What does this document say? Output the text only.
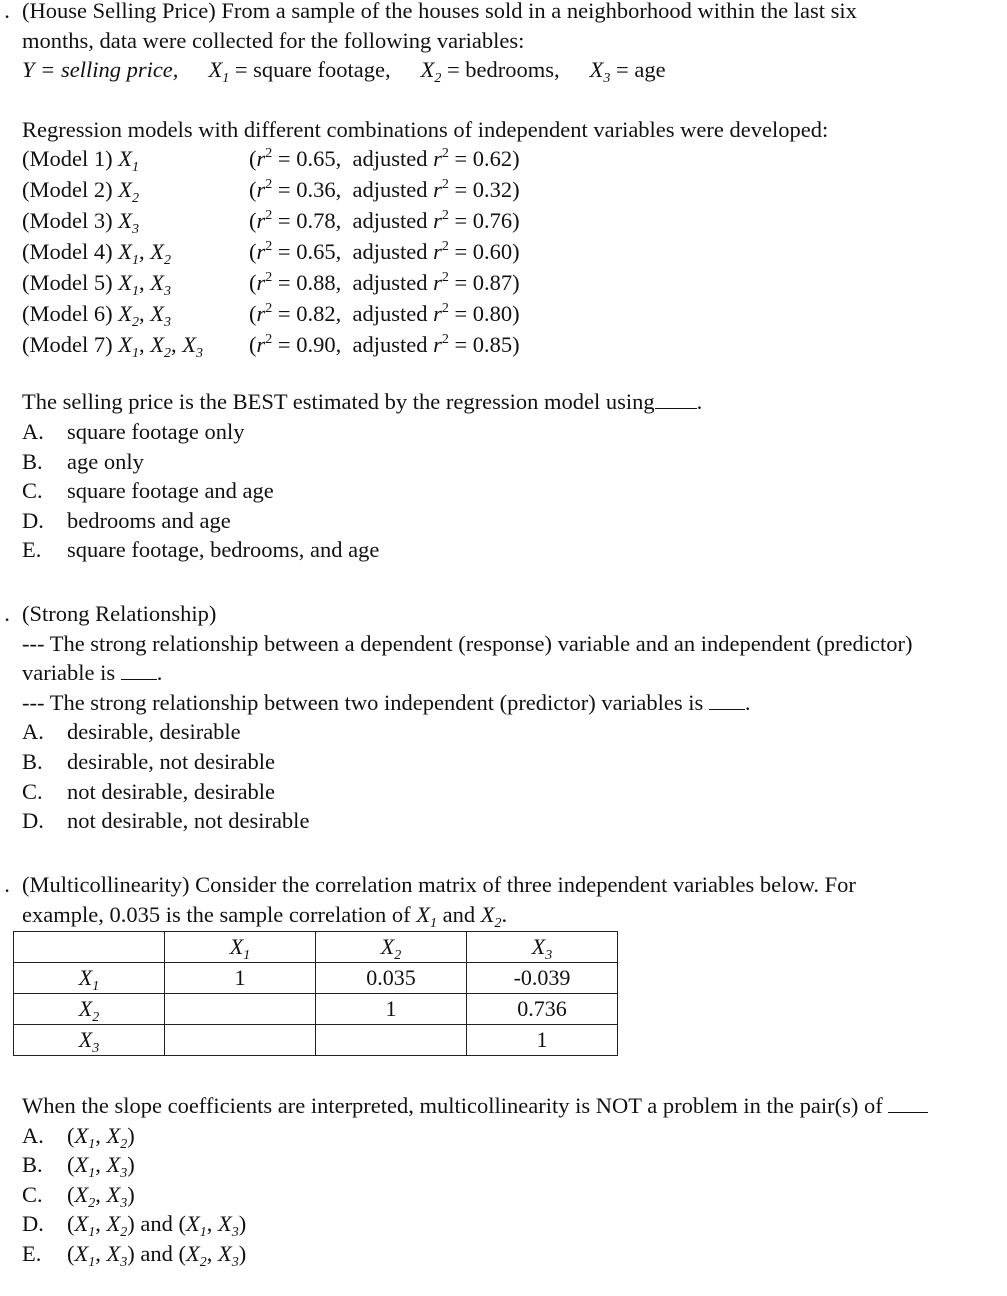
. (House Selling Price) From a sample of the houses sold in a neighborhood within the last six
months, data were collected for the following variables:
Y = selling price, $X_1$ = square footage, $X_2$ = bedrooms, $X_3$ = age
Regression models with different combinations of independent variables were developed:
(Model 1) $X_1$	($r^2 = 0.65$,  adjusted $r^2 = 0.62$)
(Model 2) $X_2$	($r^2 = 0.36$,  adjusted $r^2 = 0.32$)
(Model 3) $X_3$	($r^2 = 0.78$,  adjusted $r^2 = 0.76$)
(Model 4) $X_1$, $X_2$	($r^2 = 0.65$,  adjusted $r^2 = 0.60$)
(Model 5) $X_1$, $X_3$	($r^2 = 0.88$,  adjusted $r^2 = 0.87$)
(Model 6) $X_2$, $X_3$	($r^2 = 0.82$,  adjusted $r^2 = 0.80$)
(Model 7) $X_1$, $X_2$, $X_3$ ($r^2 = 0.90$,  adjusted $r^2 = 0.85$)
The selling price is the BEST estimated by the regression model using .
A. square footage only
B. age only
C. square footage and age
D. bedrooms and age
E. square footage, bedrooms, and age
. (Strong Relationship)
--- The strong relationship between a dependent (response) variable and an independent (predictor)
variable is .
--- The strong relationship between two independent (predictor) variables is .
A. desirable, desirable
B. desirable, not desirable
C. not desirable, desirable
D. not desirable, not desirable
. (Multicollinearity) Consider the correlation matrix of three independent variables below. For
example, 0.035 is the sample correlation of $X_1$ and $X_2$.
	$X_1$	$X_2$	$X_3$
$X_1$	1	0.035	-0.039
$X_2$		1	0.736
$X_3$			1
When the slope coefficients are interpreted, multicollinearity is NOT a problem in the pair(s) of
A. ($X_1$, $X_2$)
B. ($X_1$, $X_3$)
C. ($X_2$, $X_3$)
D. ($X_1$, $X_2$) and ($X_1$, $X_3$)
E. ($X_1$, $X_3$) and ($X_2$, $X_3$)
